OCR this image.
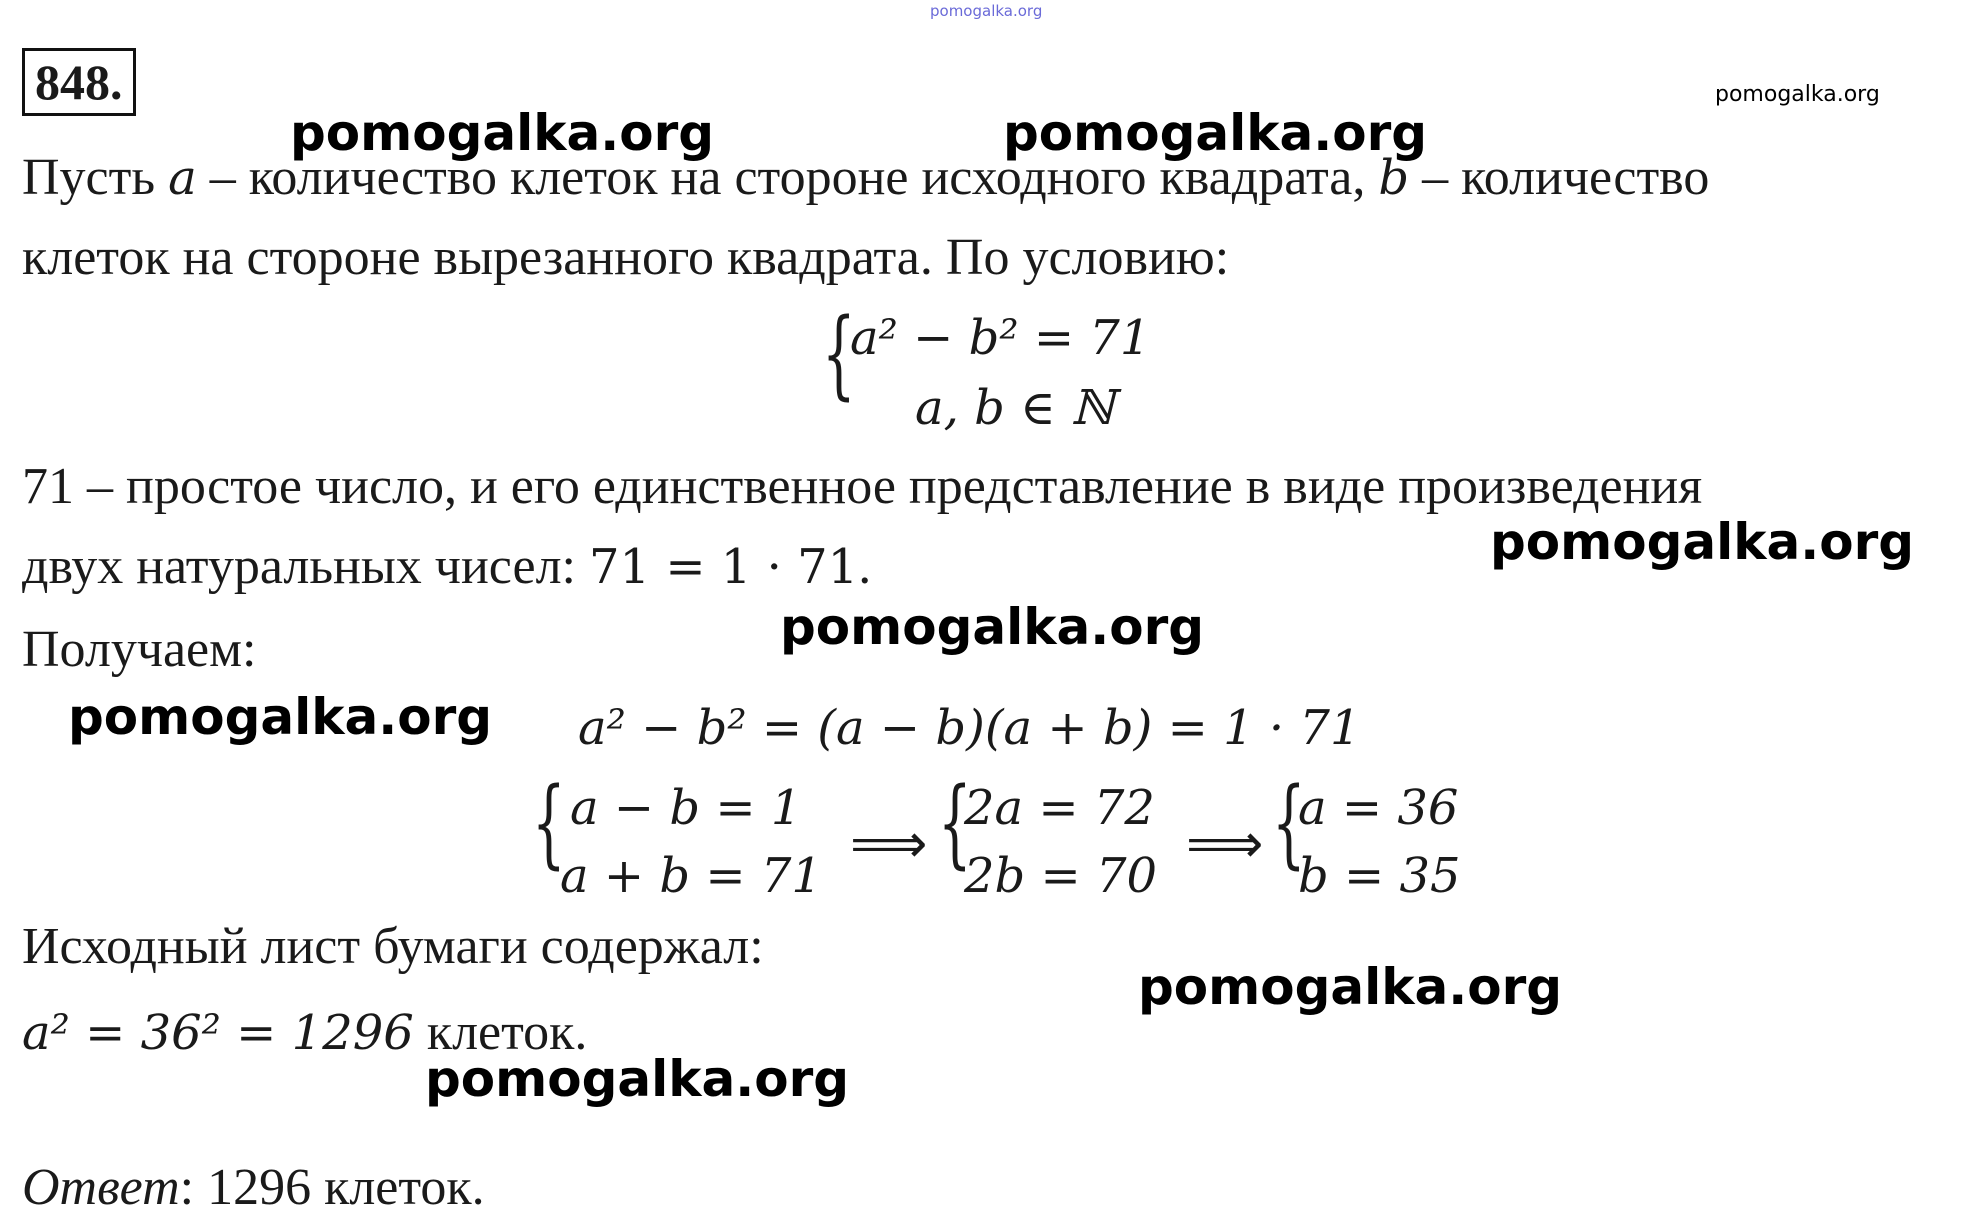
pomogalka.org
848.	pomogalka.org
pomogalka.org	pomogalka.org
Пусть a – количество клеток на стороне исходного квадрата, b – количество
клеток на стороне вырезанного квадрата. По условию:
{
a² − b² = 71
a, b ∈ ℕ
71 – простое число, и его единственное представление в виде произведения
двух натуральных чисел: 71 = 1 · 71.	pomogalka.org
pomogalka.org
Получаем:
pomogalka.org a² − b² = (a − b)(a + b) = 1 · 71
{ a − b = 1
a + b = 71
⟹ {
2a = 72
2b = 70
⟹ {
a = 36
b = 35
Исходный лист бумаги содержал:
pomogalka.org
a² = 36² = 1296 клеток.
pomogalka.org
Ответ: 1296 клеток.
